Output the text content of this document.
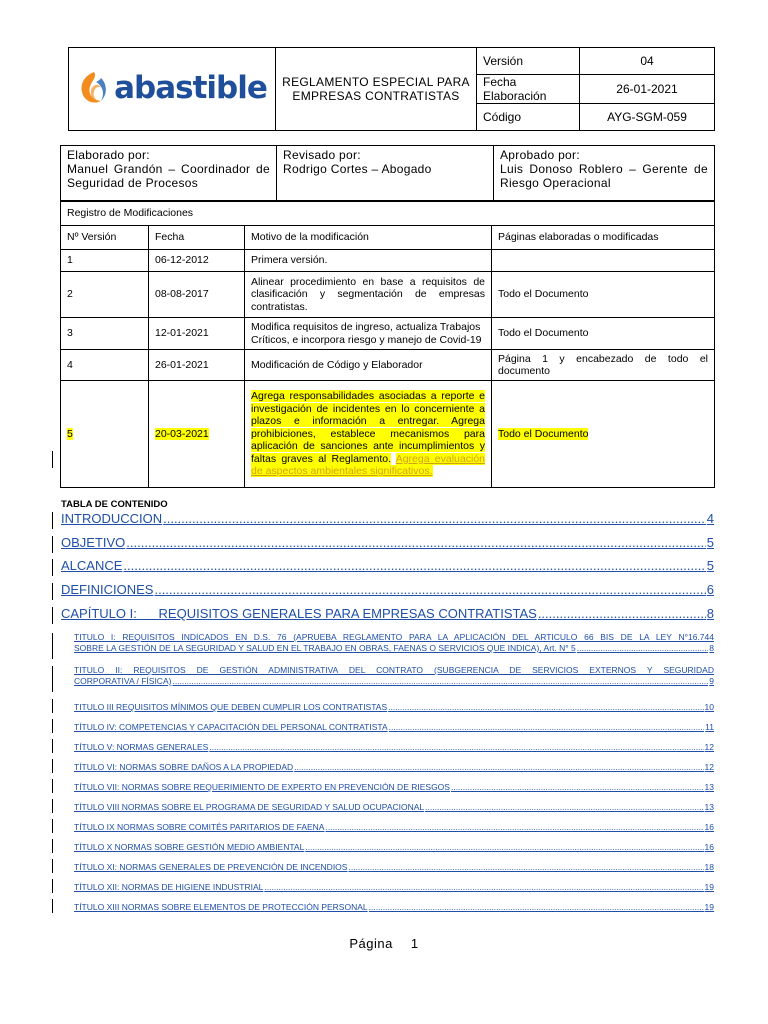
abastible	REGLAMENTO ESPECIAL PARA EMPRESAS CONTRATISTAS	Versión	04
		Fecha Elaboración	26-01-2021
		Código	AYG-SGM-059
Elaborado por:
Manuel Grandón – Coordinador de Seguridad de Procesos

Revisado por:
Rodrigo Cortes – Abogado

Aprobado por:
Luis Donoso Roblero – Gerente de Riesgo Operacional
Registro de Modificaciones			
Nº Versión	Fecha	Motivo de la modificación	Páginas elaboradas o modificadas
1	06-12-2012	Primera versión.	
2	08-08-2017	Alinear procedimiento en base a requisitos de clasificación y segmentación de empresas contratistas.	Todo el Documento
3	12-01-2021	Modifica requisitos de ingreso, actualiza Trabajos Críticos, e incorpora riesgo y manejo de Covid-19	Todo el Documento
4	26-01-2021	Modificación de Código y Elaborador	Página 1 y encabezado de todo el documento
5	20-03-2021	Agrega responsabilidades asociadas a reporte e investigación de incidentes en lo concerniente a plazos e información a entregar. Agrega prohibiciones, establece mecanismos para aplicación de sanciones ante incumplimientos y faltas graves al Reglamento. Agrega evaluación de aspectos ambientales significativos.	Todo el Documento
TABLA DE CONTENIDO
INTRODUCCION .....	4
OBJETIVO .....	5
ALCANCE .....	5
DEFINICIONES .....	6
CAPÍTULO I:      REQUISITOS GENERALES PARA EMPRESAS CONTRATISTAS .....	8
TITULO I: REQUISITOS INDICADOS EN D.S. 76 (APRUEBA REGLAMENTO PARA LA APLICACIÓN DEL ARTICULO 66 BIS DE LA LEY N°16.744
SOBRE LA GESTIÓN DE LA SEGURIDAD Y SALUD EN EL TRABAJO EN OBRAS, FAENAS O SERVICIOS QUE INDICA), Art. N° 5 .....	8
TITULO II: REQUISITOS DE GESTIÓN ADMINISTRATIVA DEL CONTRATO (SUBGERENCIA DE SERVICIOS EXTERNOS Y SEGURIDAD
CORPORATIVA / FÍSICA) .....	9
TITULO III REQUISITOS MÍNIMOS QUE DEBEN CUMPLIR LOS CONTRATISTAS .....	10
TÍTULO IV: COMPETENCIAS Y CAPACITACIÓN DEL PERSONAL CONTRATISTA .....	11
TÍTULO V: NORMAS GENERALES .....	12
TÍTULO VI: NORMAS SOBRE DAÑOS A LA PROPIEDAD .....	12
TÍTULO VII: NORMAS SOBRE REQUERIMIENTO DE EXPERTO EN PREVENCIÓN DE RIESGOS .....	13
TÍTULO VIII NORMAS SOBRE EL PROGRAMA DE SEGURIDAD Y SALUD OCUPACIONAL .....	13
TÍTULO IX NORMAS SOBRE COMITÉS PARITARIOS DE FAENA .....	16
TÍTULO X NORMAS SOBRE GESTIÓN MEDIO AMBIENTAL .....	16
TÍTULO XI: NORMAS GENERALES DE PREVENCIÓN DE INCENDIOS .....	18
TÍTULO XII: NORMAS DE HIGIENE INDUSTRIAL .....	19
TÍTULO XIII NORMAS SOBRE ELEMENTOS DE PROTECCIÓN PERSONAL .....	19
Página 1
